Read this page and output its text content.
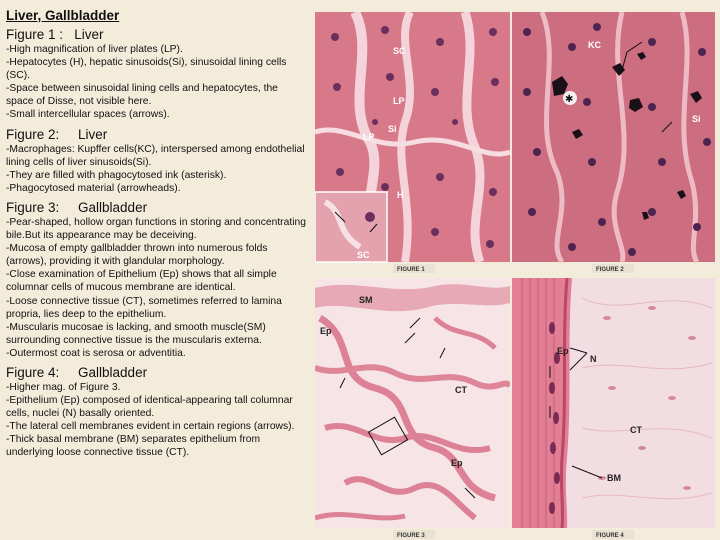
Liver, Gallbladder
Figure 1 :   Liver
-High magnification of liver plates (LP).
-Hepatocytes (H), hepatic sinusoids(Si), sinusoidal lining cells (SC).
-Space between sinusoidal lining cells and hepatocytes, the space of Disse, not visible here.
-Small intercellular spaces (arrows).
Figure 2:     Liver
-Macrophages: Kupffer cells(KC), interspersed among endothelial lining cells of liver sinusoids(Si).
-They are filled with phagocytosed ink (asterisk).
-Phagocytosed material (arrowheads).
Figure 3:     Gallbladder
-Pear-shaped, hollow organ functions in storing and concentrating bile.But its appearance may be deceiving.
-Mucosa of empty gallbladder thrown into numerous folds (arrows), providing it with glandular morphology.
-Close examination of Epithelium (Ep) shows that all simple columnar cells of mucous membrane are identical.
-Loose connective tissue (CT), sometimes referred to lamina propria, lies deep to the epithelium.
-Muscularis mucosae is lacking, and smooth muscle(SM) surrounding connective tissue is the muscularis externa.
-Outermost coat is serosa or adventitia.
Figure 4:     Gallbladder
-Higher mag. of Figure 3.
-Epithelium (Ep) composed of identical-appearing tall columnar cells, nuclei (N) basally oriented.
-The lateral cell membranes evident in certain regions (arrows).
-Thick basal membrane (BM) separates epithelium from underlying loose connective tissue (CT).
SC
LP
LP
Si
H
SC
FIGURE 1
✱
KC
Si
FIGURE 2
SM
Ep
CT
Ep
FIGURE 3
Ep
N
CT
BM
FIGURE 4
